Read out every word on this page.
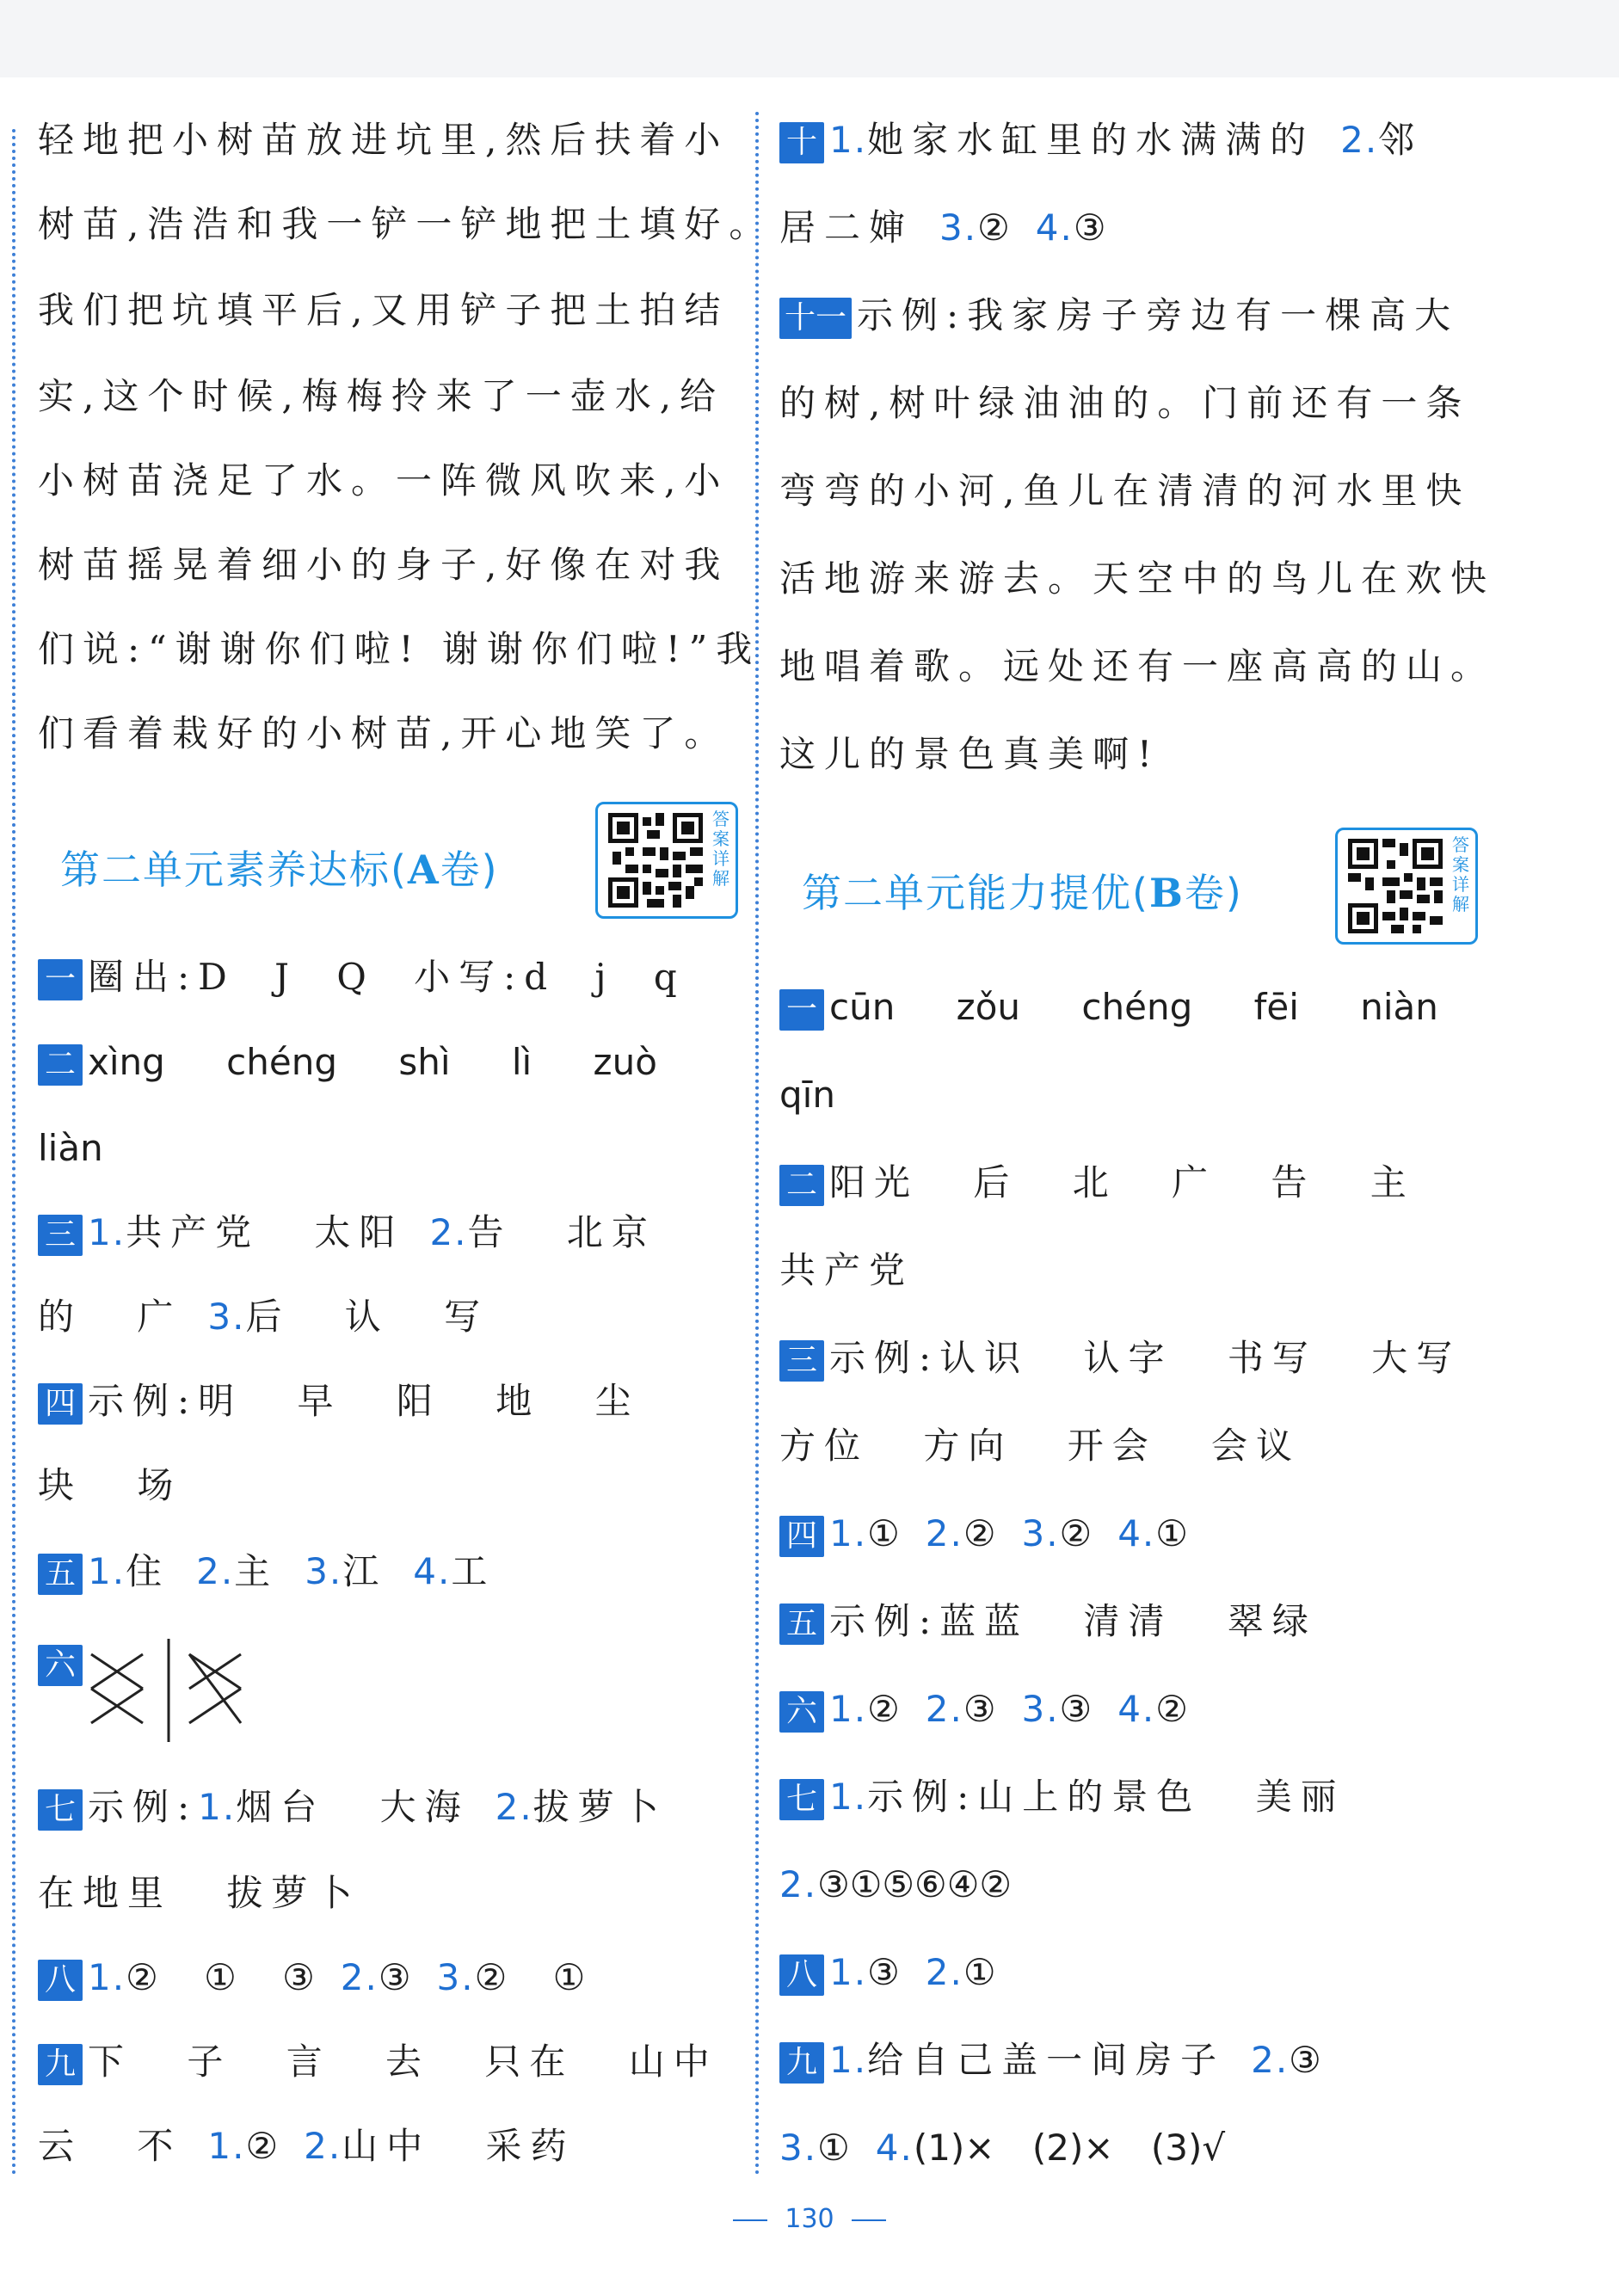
轻地把小树苗放进坑里,然后扶着小
树苗,浩浩和我一铲一铲地把土填好。
我们把坑填平后,又用铲子把土拍结
实,这个时候,梅梅拎来了一壶水,给
小树苗浇足了水。一阵微风吹来,小
树苗摇晃着细小的身子,好像在对我
们说:“谢谢你们啦! 谢谢你们啦!”我
们看着栽好的小树苗,开心地笑了。
第二单元素养达标(A卷)
答案详解
一 圈出:D J Q 小写:d j q
二 xìng chéng shì lì zuò
liàn
三 1.共产党 太阳 2.告 北京
的 广 3.后 认 写
四 示例:明 早 阳 地 尘
块 场
五 1.住 2.主 3.江 4.工
六
七 示例:1.烟台 大海 2.拔萝卜
在地里 拔萝卜
八 1.② ① ③ 2.③ 3.② ①
九 下 子 言 去 只在 山中
云 不 1.② 2.山中 采药
十 1.她家水缸里的水满满的 2.邻
居二婶 3.② 4.③
十一 示例:我家房子旁边有一棵高大
的树,树叶绿油油的。门前还有一条
弯弯的小河,鱼儿在清清的河水里快
活地游来游去。天空中的鸟儿在欢快
地唱着歌。远处还有一座高高的山。
这儿的景色真美啊!
第二单元能力提优(B卷)
答案详解
一 cūn zǒu chéng fēi niàn
qīn
二 阳光 后 北 广 告 主
共产党
三 示例:认识 认字 书写 大写
方位 方向 开会 会议
四 1.① 2.② 3.② 4.①
五 示例:蓝蓝 清清 翠绿
六 1.② 2.③ 3.③ 4.②
七 1.示例:山上的景色 美丽
2.③①⑤⑥④②
八 1.③ 2.①
九 1.给自己盖一间房子 2.③
3.① 4.(1)× (2)× (3)√
130
